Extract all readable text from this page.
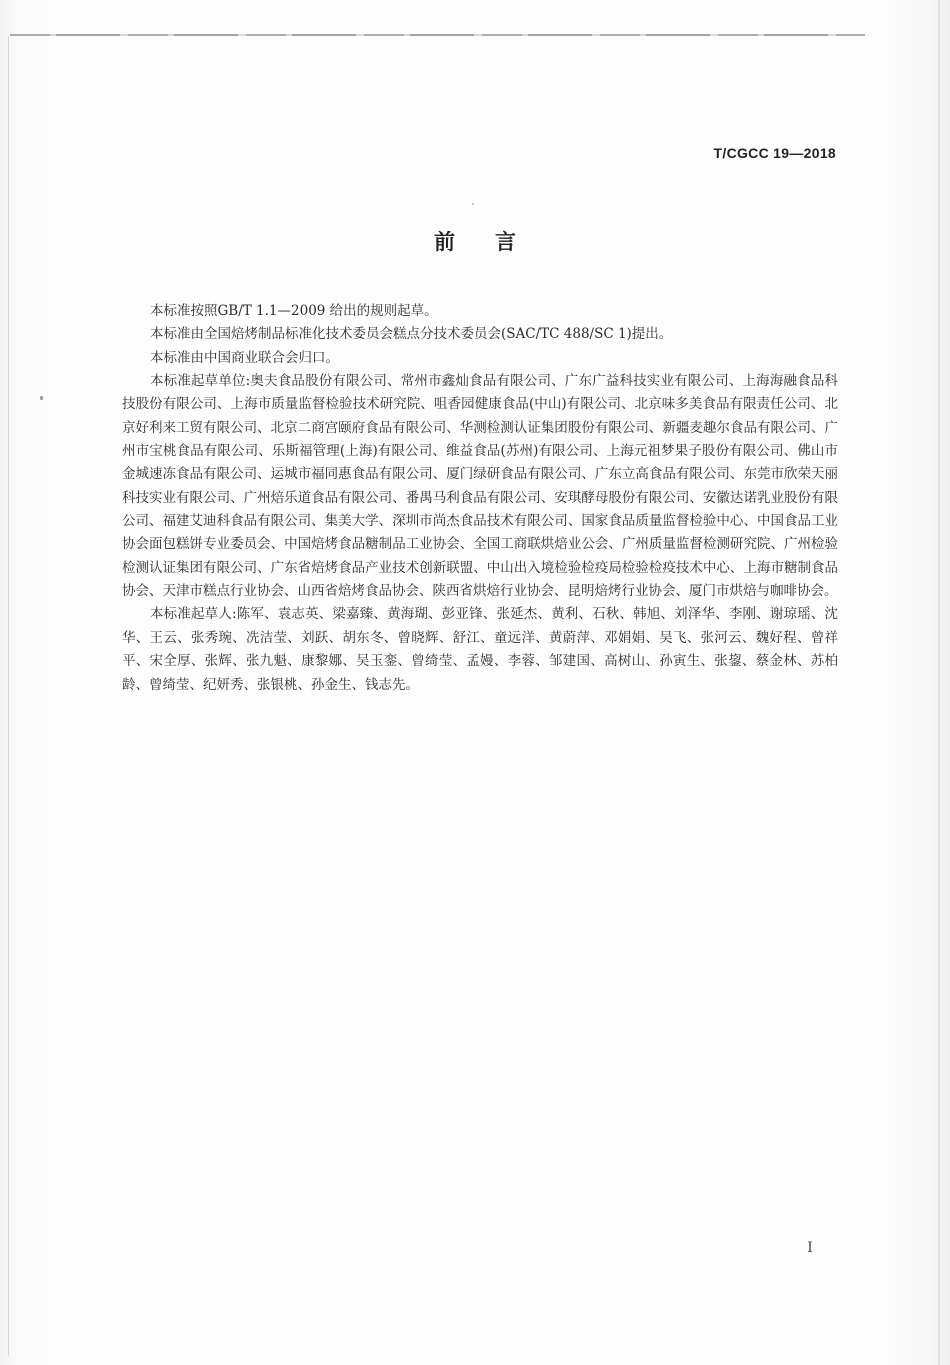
T/CGCC 19—2018
前言

本标准按照GB/T 1.1—2009 给出的规则起草。

本标准由全国焙烤制品标准化技术委员会糕点分技术委员会(SAC/TC 488/SC 1)提出。

本标准由中国商业联合会归口。

本标准起草单位:奥夫食品股份有限公司、常州市鑫灿食品有限公司、广东广益科技实业有限公司、上海海融食品科技股份有限公司、上海市质量监督检验技术研究院、咀香园健康食品(中山)有限公司、北京味多美食品有限责任公司、北京好利来工贸有限公司、北京二商宫颐府食品有限公司、华测检测认证集团股份有限公司、新疆麦趣尔食品有限公司、广州市宝桃食品有限公司、乐斯福管理(上海)有限公司、维益食品(苏州)有限公司、上海元祖梦果子股份有限公司、佛山市金城速冻食品有限公司、运城市福同惠食品有限公司、厦门绿研食品有限公司、广东立高食品有限公司、东莞市欣荣天丽科技实业有限公司、广州焙乐道食品有限公司、番禺马利食品有限公司、安琪酵母股份有限公司、安徽达诺乳业股份有限公司、福建艾迪科食品有限公司、集美大学、深圳市尚杰食品技术有限公司、国家食品质量监督检验中心、中国食品工业协会面包糕饼专业委员会、中国焙烤食品糖制品工业协会、全国工商联烘焙业公会、广州质量监督检测研究院、广州检验检测认证集团有限公司、广东省焙烤食品产业技术创新联盟、中山出入境检验检疫局检验检疫技术中心、上海市糖制食品协会、天津市糕点行业协会、山西省焙烤食品协会、陕西省烘焙行业协会、昆明焙烤行业协会、厦门市烘焙与咖啡协会。

本标准起草人:陈军、袁志英、梁嘉臻、黄海瑚、彭亚锋、张延杰、黄利、石秋、韩旭、刘泽华、李刚、谢琼瑶、沈华、王云、张秀琬、冼洁莹、刘跃、胡东冬、曾晓辉、舒江、童远洋、黄蔚萍、邓娟娟、吴飞、张河云、魏好程、曾祥平、宋全厚、张辉、张九魁、康黎娜、吴玉銮、曾绮莹、孟嫚、李蓉、邹建国、高树山、孙寅生、张鋆、蔡金林、苏柏龄、曾绮莹、纪妍秀、张银桃、孙金生、钱志先。

I
